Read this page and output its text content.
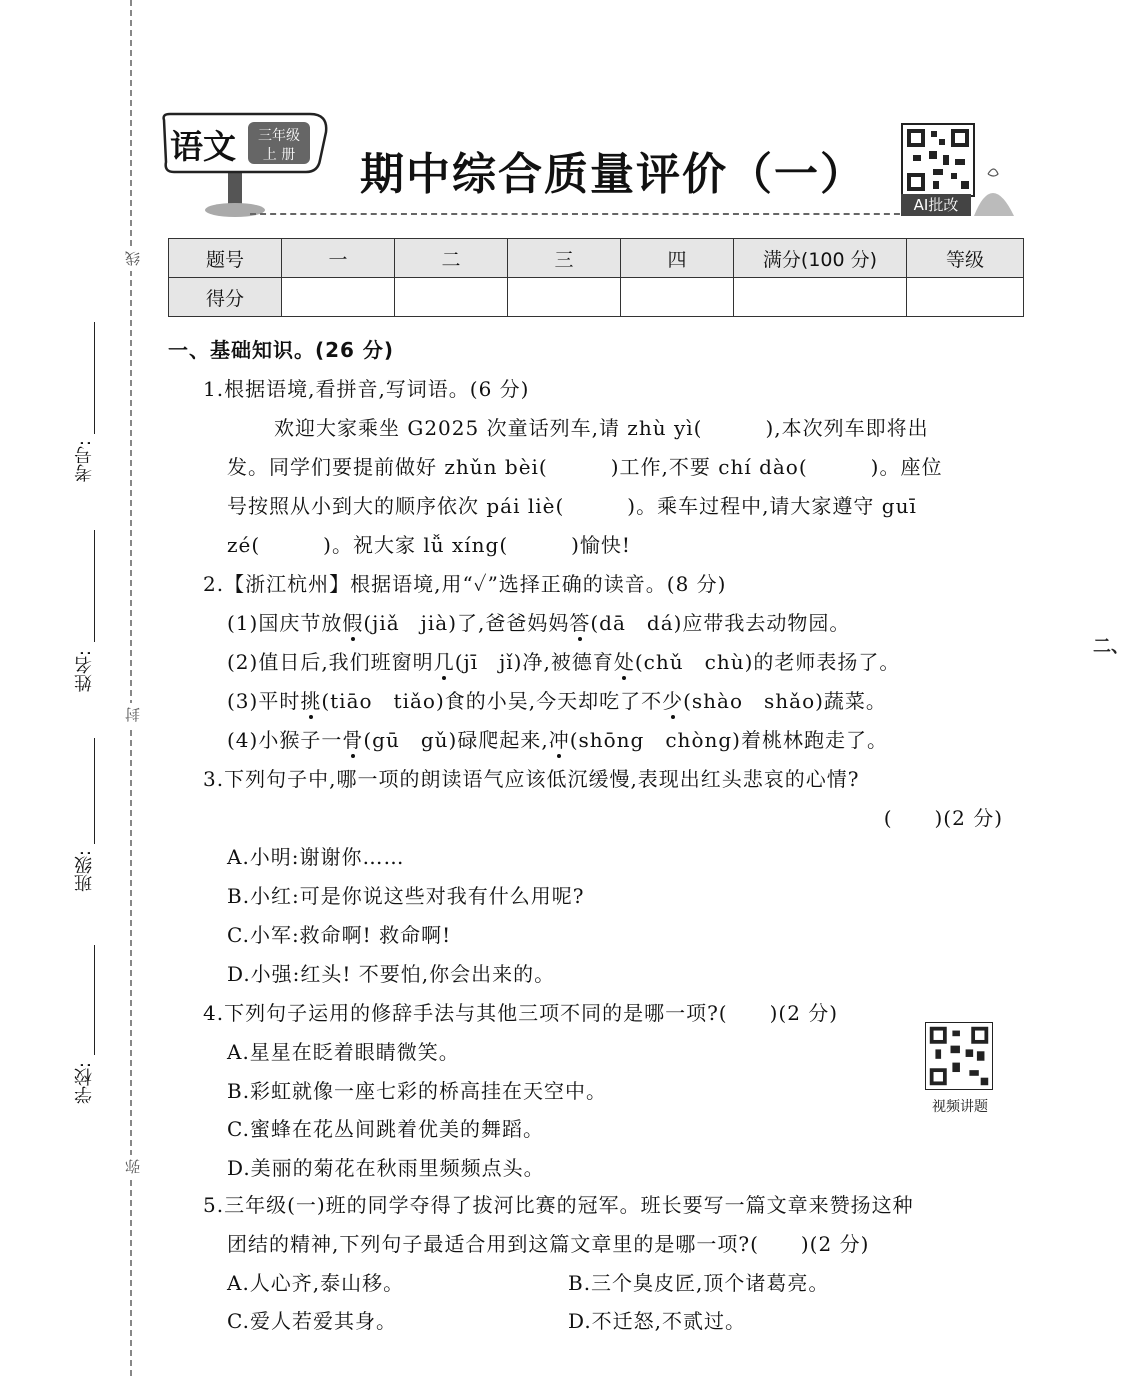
线
封
弥
考号:
姓名:
班级:
学校:
语文 三年级
上 册 期中综合质量评价（一）
AI批改
题号	一	二	三	四	满分(100 分)	等级
得分						
一、基础知识。(26 分)
1.根据语境,看拼音,写词语。(6 分)
欢迎大家乘坐 G2025 次童话列车,请 zhù yì(　　　),本次列车即将出
发。同学们要提前做好 zhǔn bèi(　　　)工作,不要 chí dào(　　　)。座位
号按照从小到大的顺序依次 pái liè(　　　)。乘车过程中,请大家遵守 guī
zé(　　　)。祝大家 lǚ xíng(　　　)愉快!
2.【浙江杭州】根据语境,用“✓”选择正确的读音。(8 分)
(1)国庆节放假(jiǎ　jià)了,爸爸妈妈答(dā　dá)应带我去动物园。
(2)值日后,我们班窗明几(jī　jǐ)净,被德育处(chǔ　chù)的老师表扬了。
(3)平时挑(tiāo　tiǎo)食的小吴,今天却吃了不少(shào　shǎo)蔬菜。
(4)小猴子一骨(gū　gǔ)碌爬起来,冲(shōng　chòng)着桃林跑走了。
3.下列句子中,哪一项的朗读语气应该低沉缓慢,表现出红头悲哀的心情?
(　　)(2 分)
A.小明:谢谢你……
B.小红:可是你说这些对我有什么用呢?
C.小军:救命啊! 救命啊!
D.小强:红头! 不要怕,你会出来的。
4.下列句子运用的修辞手法与其他三项不同的是哪一项?(　　)(2 分)
A.星星在眨着眼睛微笑。
B.彩虹就像一座七彩的桥高挂在天空中。
C.蜜蜂在花丛间跳着优美的舞蹈。
D.美丽的菊花在秋雨里频频点头。
视频讲题
5.三年级(一)班的同学夺得了拔河比赛的冠军。班长要写一篇文章来赞扬这种
团结的精神,下列句子最适合用到这篇文章里的是哪一项?(　　)(2 分)
A.人心齐,泰山移。	B.三个臭皮匠,顶个诸葛亮。
C.爱人若爱其身。	D.不迁怒,不贰过。
二、
